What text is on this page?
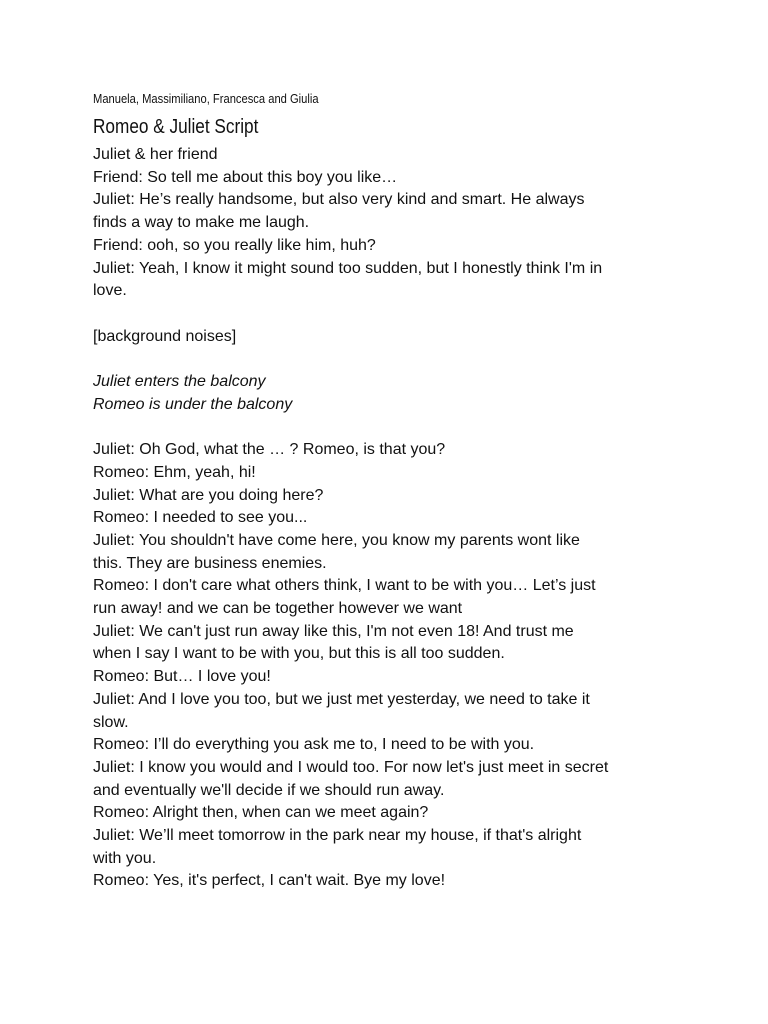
Manuela, Massimiliano, Francesca and Giulia
Romeo & Juliet Script
Juliet & her friend
Friend: So tell me about this boy you like…
Juliet: He’s really handsome, but also very kind and smart. He always
finds a way to make me laugh.
Friend: ooh, so you really like him, huh?
Juliet: Yeah, I know it might sound too sudden, but I honestly think I'm in
love.
[background noises]
Juliet enters the balcony
Romeo is under the balcony
Juliet: Oh God, what the … ? Romeo, is that you?
Romeo: Ehm, yeah, hi!
Juliet: What are you doing here?
Romeo: I needed to see you...
Juliet: You shouldn't have come here, you know my parents wont like
this. They are business enemies.
Romeo: I don't care what others think, I want to be with you… Let’s just
run away! and we can be together however we want
Juliet: We can't just run away like this, I'm not even 18! And trust me
when I say I want to be with you, but this is all too sudden.
Romeo: But… I love you!
Juliet: And I love you too, but we just met yesterday, we need to take it
slow.
Romeo: I’ll do everything you ask me to, I need to be with you.
Juliet: I know you would and I would too. For now let's just meet in secret
and eventually we'll decide if we should run away.
Romeo: Alright then, when can we meet again?
Juliet: We’ll meet tomorrow in the park near my house, if that's alright
with you.
Romeo: Yes, it's perfect, I can't wait. Bye my love!
